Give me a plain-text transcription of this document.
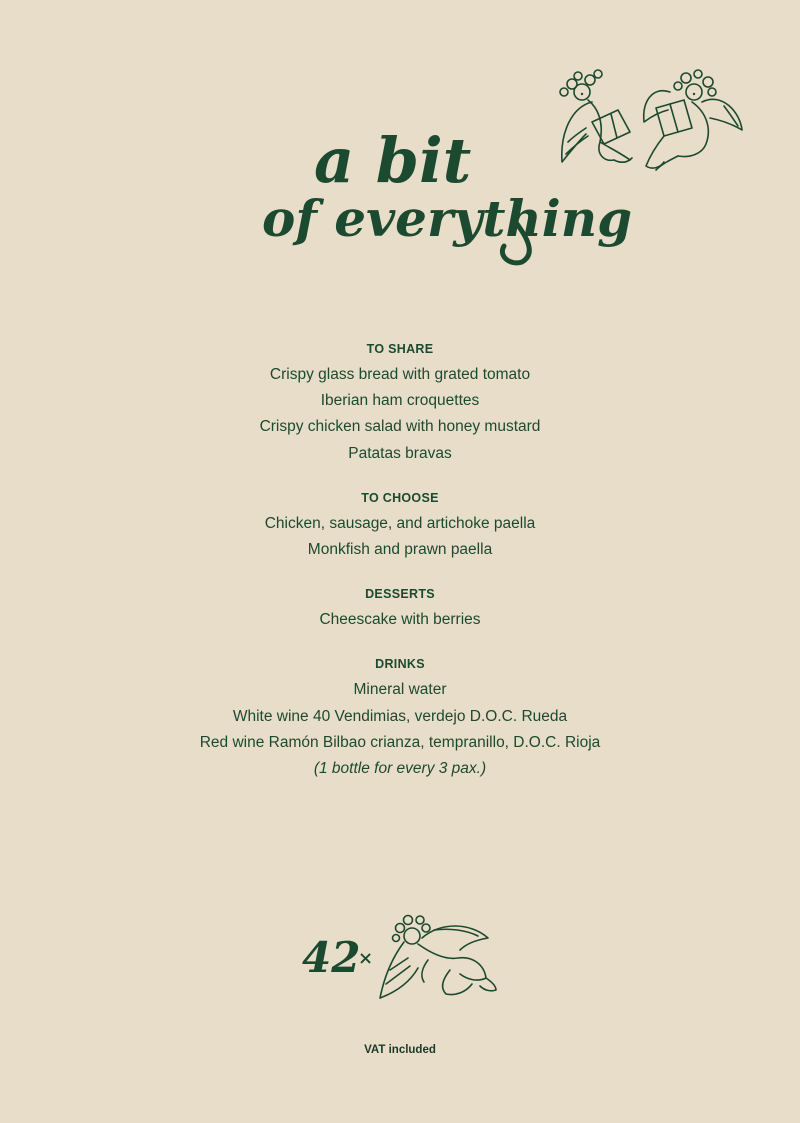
a bit
of everything
TO SHARE
Crispy glass bread with grated tomato
Iberian ham croquettes
Crispy chicken salad with honey mustard
Patatas bravas
TO CHOOSE
Chicken, sausage, and artichoke paella
Monkfish and prawn paella
DESSERTS
Cheescake with berries
DRINKS
Mineral water
White wine 40 Vendimias, verdejo D.O.C. Rueda
Red wine Ramón Bilbao crianza, tempranillo, D.O.C. Rioja
(1 bottle for every 3 pax.)
42
×
VAT included
